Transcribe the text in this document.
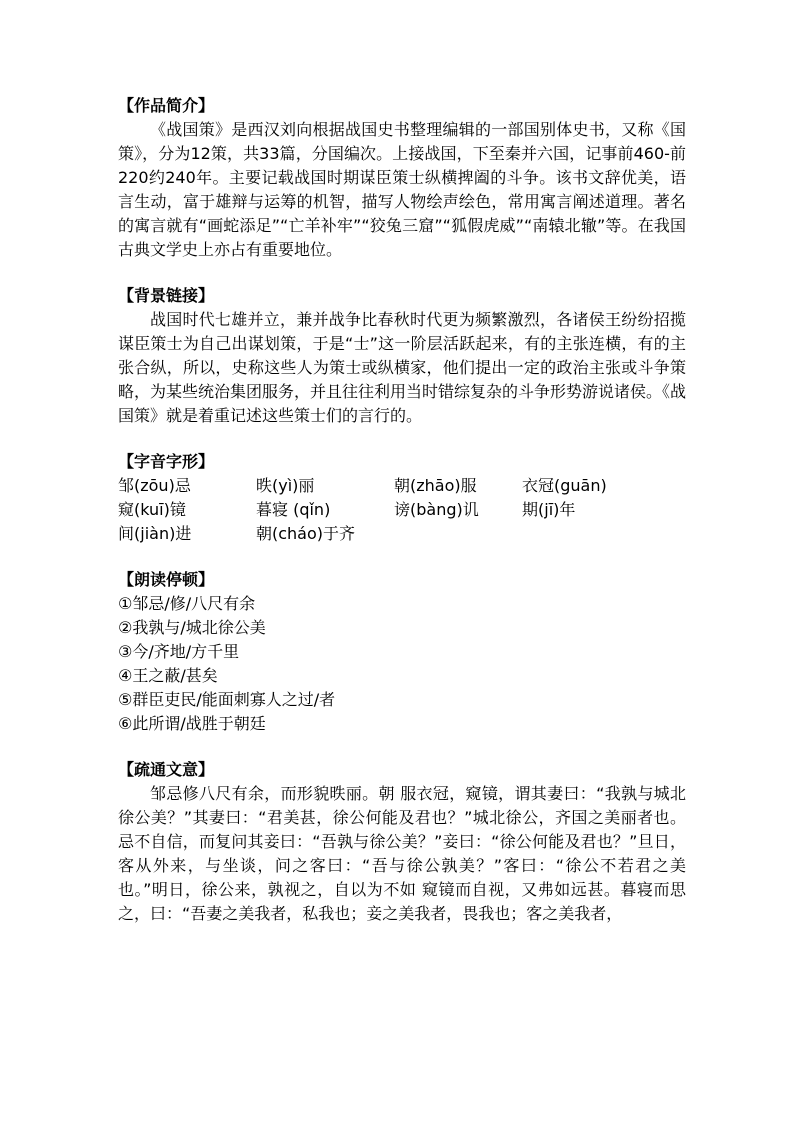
【作品简介】

《战国策》是西汉刘向根据战国史书整理编辑的一部国别体史书，又称《国策》，分为12策，共33篇，分国编次。上接战国，下至秦并六国，记事前460-前220约240年。主要记载战国时期谋臣策士纵横捭阖的斗争。该书文辞优美，语言生动，富于雄辩与运筹的机智，描写人物绘声绘色，常用寓言阐述道理。著名的寓言就有“画蛇添足”“亡羊补牢”“狡兔三窟”“狐假虎威”“南辕北辙”等。在我国古典文学史上亦占有重要地位。

【背景链接】

战国时代七雄并立，兼并战争比春秋时代更为频繁激烈，各诸侯王纷纷招揽谋臣策士为自己出谋划策，于是“士”这一阶层活跃起来，有的主张连横，有的主张合纵，所以，史称这些人为策士或纵横家，他们提出一定的政治主张或斗争策略，为某些统治集团服务，并且往往利用当时错综复杂的斗争形势游说诸侯。《战国策》就是着重记述这些策士们的言行的。

【字音字形】

邹(zōu)忌	昳(yì)丽	朝(zhāo)服	衣冠(guān)
窥(kuī)镜	暮寝 (qǐn)	谤(bàng)讥	期(jī)年
间(jiàn)进	朝(cháo)于齐

【朗读停顿】

①邹忌/修/八尺有余

②我孰与/城北徐公美

③今/齐地/方千里

④王之蔽/甚矣

⑤群臣吏民/能面刺寡人之过/者

⑥此所谓/战胜于朝廷

【疏通文意】

邹忌修八尺有余，而形貌昳丽。朝 服衣冠，窥镜，谓其妻曰：“我孰与城北徐公美？”其妻曰：“君美甚，徐公何能及君也？”城北徐公，齐国之美丽者也。忌不自信，而复问其妾曰：“吾孰与徐公美？”妾曰：“徐公何能及君也？”旦日，客从外来，与坐谈，问之客曰：“吾与徐公孰美？”客曰：“徐公不若君之美也。”明日，徐公来，孰视之，自以为不如 窥镜而自视，又弗如远甚。暮寝而思之，曰：“吾妻之美我者，私我也；妾之美我者，畏我也；客之美我者，
